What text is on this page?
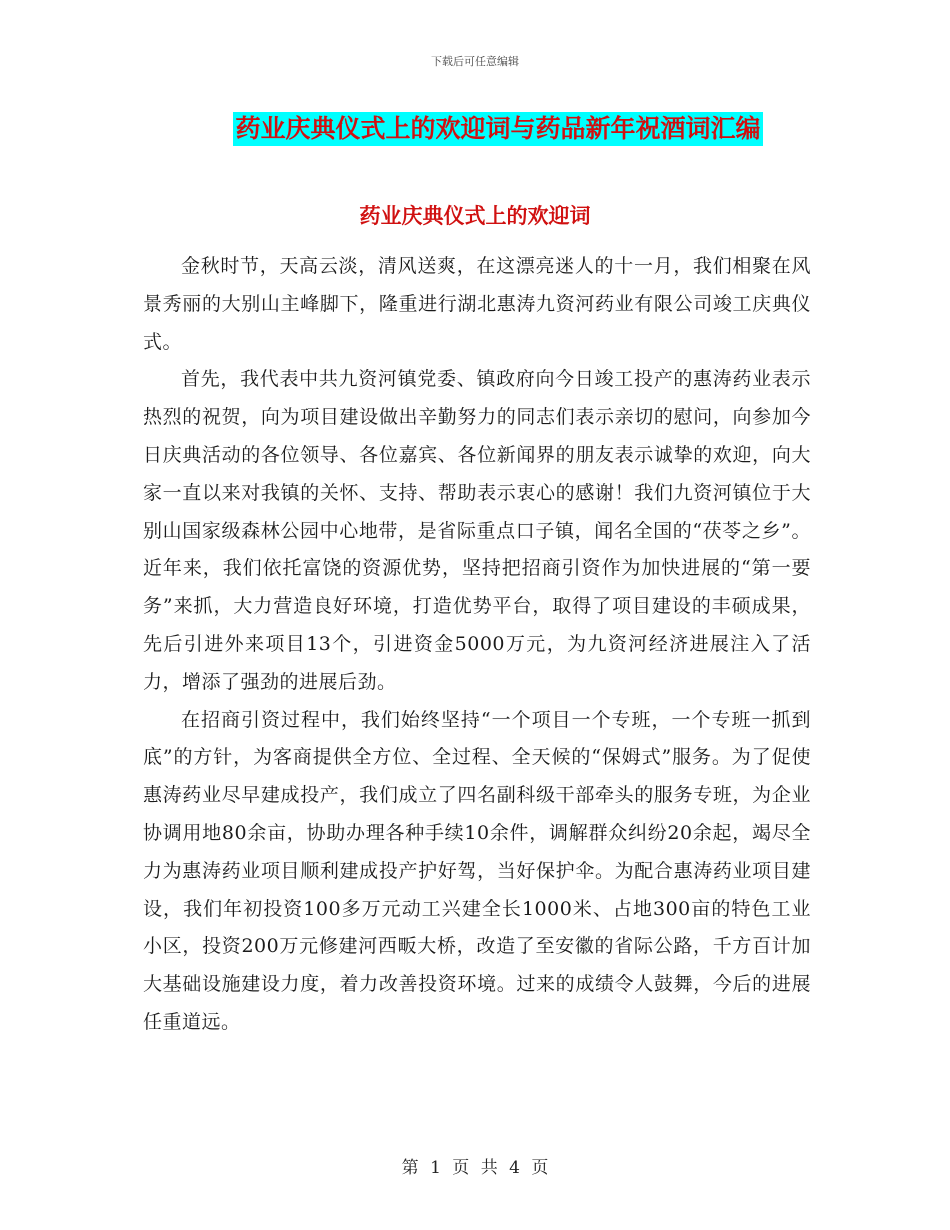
下载后可任意编辑
药业庆典仪式上的欢迎词与药品新年祝酒词汇编
药业庆典仪式上的欢迎词

金秋时节，天高云淡，清风送爽，在这漂亮迷人的十一月，我们相聚在风景秀丽的大别山主峰脚下，隆重进行湖北惠涛九资河药业有限公司竣工庆典仪式。

首先，我代表中共九资河镇党委、镇政府向今日竣工投产的惠涛药业表示热烈的祝贺，向为项目建设做出辛勤努力的同志们表示亲切的慰问，向参加今日庆典活动的各位领导、各位嘉宾、各位新闻界的朋友表示诚挚的欢迎，向大家一直以来对我镇的关怀、支持、帮助表示衷心的感谢！我们九资河镇位于大别山国家级森林公园中心地带，是省际重点口子镇，闻名全国的“茯苓之乡”。近年来，我们依托富饶的资源优势，坚持把招商引资作为加快进展的“第一要务”来抓，大力营造良好环境，打造优势平台，取得了项目建设的丰硕成果，先后引进外来项目13个，引进资金5000万元，为九资河经济进展注入了活力，增添了强劲的进展后劲。

在招商引资过程中，我们始终坚持“一个项目一个专班，一个专班一抓到底”的方针，为客商提供全方位、全过程、全天候的“保姆式”服务。为了促使惠涛药业尽早建成投产，我们成立了四名副科级干部牵头的服务专班，为企业协调用地80余亩，协助办理各种手续10余件，调解群众纠纷20余起，竭尽全力为惠涛药业项目顺利建成投产护好驾，当好保护伞。为配合惠涛药业项目建设，我们年初投资100多万元动工兴建全长1000米、占地300亩的特色工业小区，投资200万元修建河西畈大桥，改造了至安徽的省际公路，千方百计加大基础设施建设力度，着力改善投资环境。过来的成绩令人鼓舞，今后的进展任重道远。

第 1 页 共 4 页
